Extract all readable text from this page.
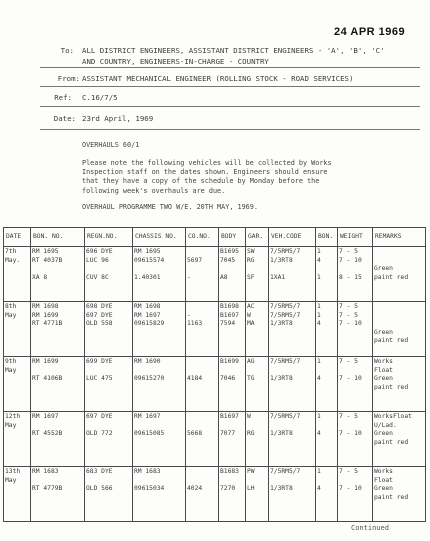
24 APR 1969
To: ALL DISTRICT ENGINEERS, ASSISTANT DISTRICT ENGINEERS - 'A', 'B', 'C'
AND COUNTRY, ENGINEERS-IN-CHARGE - COUNTRY
From: ASSISTANT MECHANICAL ENGINEER (ROLLING STOCK - ROAD SERVICES)
Ref: C.16/7/5
Date: 23rd April, 1969
OVERHAULS 60/1
Please note the following vehicles will be collected by Works
Inspection staff on the dates shown. Engineers should ensure
that they have a copy of the schedule by Monday before the
following week's overhauls are due.
OVERHAUL PROGRAMME TWO W/E. 20TH MAY, 1969.
DATE	BON. NO.	REGN.NO.	CHASSIS NO.	CO.NO.	BODY	GAR.	VEH.CODE	BON.	WEIGHT	REMARKS

7th
May.	RM 1695
RT 4037B
XA 8	696 DYE
LUC 96
CUV 8C	RM 1695
09615574
1.40301	5697
-	B1695
7045
A8	SW
RG
SF	7/5RM5/7
1/3RT8
1XA1	1
4
1	7 - 5
7 - 10
8 - 15	Green
paint red

8th
May	RM 1698
RM 1699
RT 4771B	698 DYE
697 DYE
OLD 558	RM 1698
RM 1697
09615829	-
1163	B1698
B1697
7594	AC
W
MA	7/5RM5/7
7/5RM5/7
1/3RT8	1
1
4	7 - 5
7 - 5
7 - 10	Green
paint red

9th
May	RM 1699
RT 4106B	699 DYE
LUC 475	RM 1690
09615270	4184	B1699
7046	AG
TG	7/5RM5/7
1/3RT8	1
4	7 - 5
7 - 10	Works
Float
Green
paint red

12th
May	RM 1697
RT 4552B	697 DYE
OLD 772	RM 1697
09615085	5668	B1697
7077	W
RG	7/5RM5/7
1/3RT8	1
4	7 - 5
7 - 10	WorksFloat
U/Lad.
Green
paint red

13th
May	RM 1683
RT 4779B	683 DYE
OLD 566	RM 1683
09615034	4024	B1683
7270	PW
LH	7/5RM5/7
1/3RT8	1
4	7 - 5
7 - 10	Works
Float
Green
paint red
Continued
